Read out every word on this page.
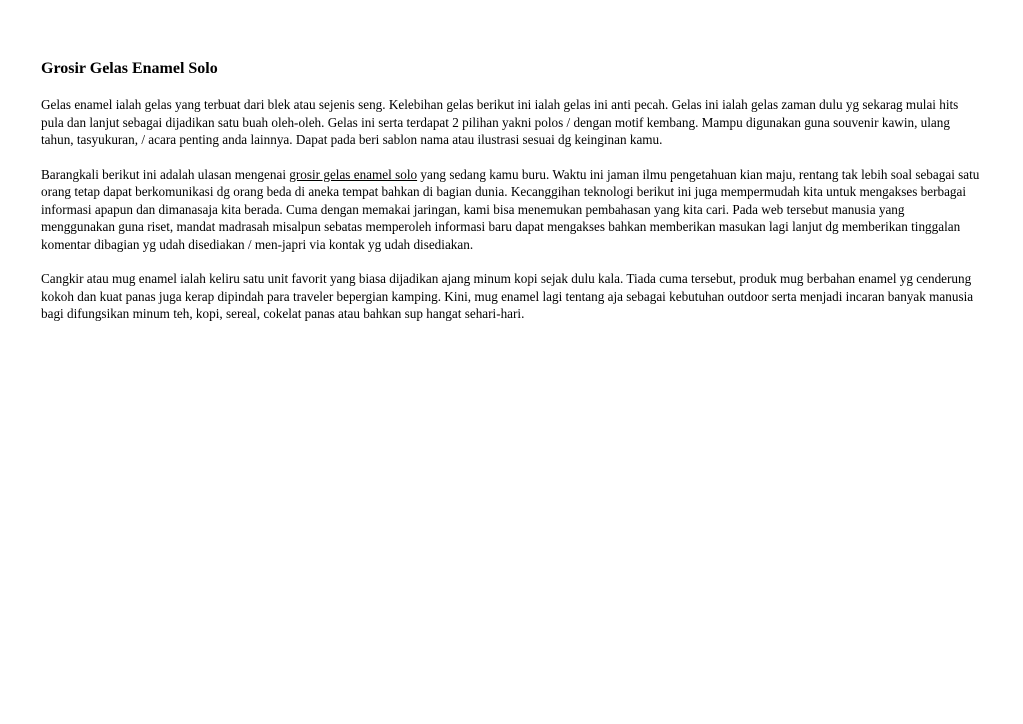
Grosir Gelas Enamel Solo

Gelas enamel ialah gelas yang terbuat dari blek atau sejenis seng. Kelebihan gelas berikut ini ialah gelas ini anti pecah. Gelas ini ialah gelas zaman dulu yg sekarag mulai hits pula dan lanjut sebagai dijadikan satu buah oleh-oleh. Gelas ini serta terdapat 2 pilihan yakni polos / dengan motif kembang. Mampu digunakan guna souvenir kawin, ulang tahun, tasyukuran, / acara penting anda lainnya. Dapat pada beri sablon nama atau ilustrasi sesuai dg keinginan kamu.

Barangkali berikut ini adalah ulasan mengenai grosir gelas enamel solo yang sedang kamu buru. Waktu ini jaman ilmu pengetahuan kian maju, rentang tak lebih soal sebagai satu orang tetap dapat berkomunikasi dg orang beda di aneka tempat bahkan di bagian dunia. Kecanggihan teknologi berikut ini juga mempermudah kita untuk mengakses berbagai informasi apapun dan dimanasaja kita berada. Cuma dengan memakai jaringan, kami bisa menemukan pembahasan yang kita cari. Pada web tersebut manusia yang menggunakan guna riset, mandat madrasah misalpun sebatas memperoleh informasi baru dapat mengakses bahkan memberikan masukan lagi lanjut dg memberikan tinggalan komentar dibagian yg udah disediakan / men-japri via kontak yg udah disediakan.

Cangkir atau mug enamel ialah keliru satu unit favorit yang biasa dijadikan ajang minum kopi sejak dulu kala. Tiada cuma tersebut, produk mug berbahan enamel yg cenderung kokoh dan kuat panas juga kerap dipindah para traveler bepergian kamping. Kini, mug enamel lagi tentang aja sebagai kebutuhan outdoor serta menjadi incaran banyak manusia bagi difungsikan minum teh, kopi, sereal, cokelat panas atau bahkan sup hangat sehari-hari.
